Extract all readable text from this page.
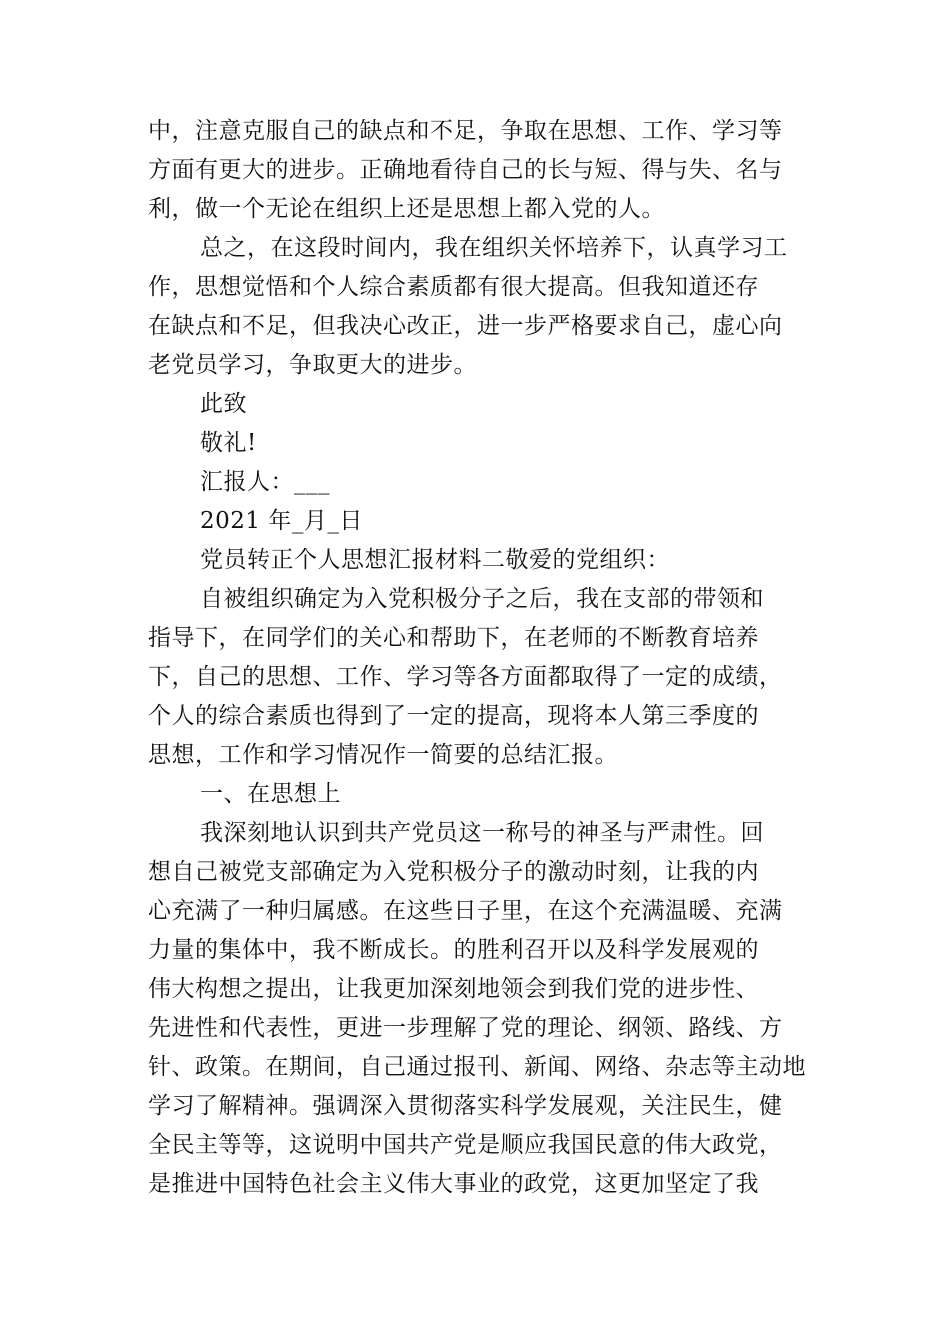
中，注意克服自己的缺点和不足，争取在思想、工作、学习等
方面有更大的进步。正确地看待自己的长与短、得与失、名与
利，做一个无论在组织上还是思想上都入党的人。
总之，在这段时间内，我在组织关怀培养下，认真学习工
作，思想觉悟和个人综合素质都有很大提高。但我知道还存
在缺点和不足，但我决心改正，进一步严格要求自己，虚心向
老党员学习，争取更大的进步。
此致
敬礼!
汇报人：___
2021 年_月_日
党员转正个人思想汇报材料二敬爱的党组织：
自被组织确定为入党积极分子之后，我在支部的带领和
指导下，在同学们的关心和帮助下，在老师的不断教育培养
下，自己的思想、工作、学习等各方面都取得了一定的成绩，
个人的综合素质也得到了一定的提高，现将本人第三季度的
思想，工作和学习情况作一简要的总结汇报。
一、在思想上
我深刻地认识到共产党员这一称号的神圣与严肃性。回
想自己被党支部确定为入党积极分子的激动时刻，让我的内
心充满了一种归属感。在这些日子里，在这个充满温暖、充满
力量的集体中，我不断成长。的胜利召开以及科学发展观的
伟大构想之提出，让我更加深刻地领会到我们党的进步性、
先进性和代表性，更进一步理解了党的理论、纲领、路线、方
针、政策。在期间，自己通过报刊、新闻、网络、杂志等主动地
学习了解精神。强调深入贯彻落实科学发展观，关注民生，健
全民主等等，这说明中国共产党是顺应我国民意的伟大政党，
是推进中国特色社会主义伟大事业的政党，这更加坚定了我
